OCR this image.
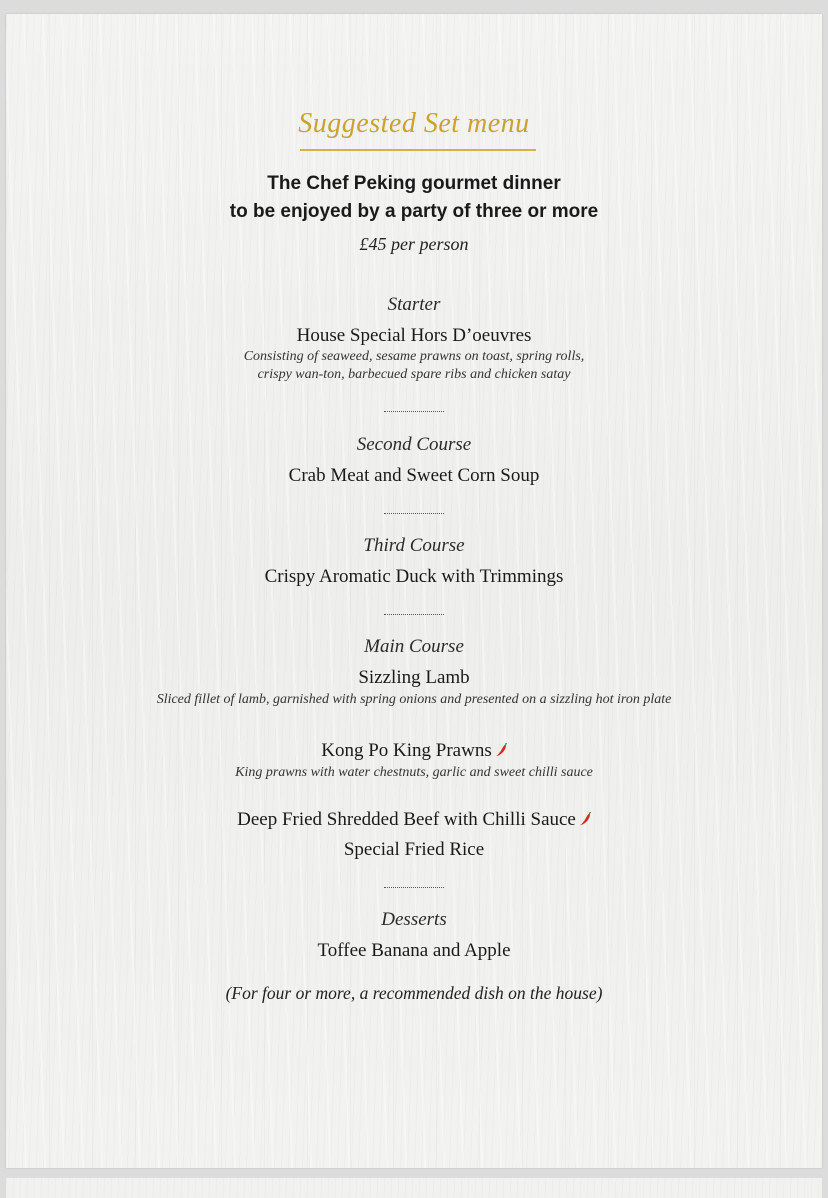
Suggested Set menu
The Chef Peking gourmet dinner
to be enjoyed by a party of three or more
£45 per person
Starter
House Special Hors D’oeuvres
Consisting of seaweed, sesame prawns on toast, spring rolls,
crispy wan-ton, barbecued spare ribs and chicken satay
Second Course
Crab Meat and Sweet Corn Soup
Third Course
Crispy Aromatic Duck with Trimmings
Main Course
Sizzling Lamb
Sliced fillet of lamb, garnished with spring onions and presented on a sizzling hot iron plate
Kong Po King Prawns
King prawns with water chestnuts, garlic and sweet chilli sauce
Deep Fried Shredded Beef with Chilli Sauce
Special Fried Rice
Desserts
Toffee Banana and Apple
(For four or more, a recommended dish on the house)
